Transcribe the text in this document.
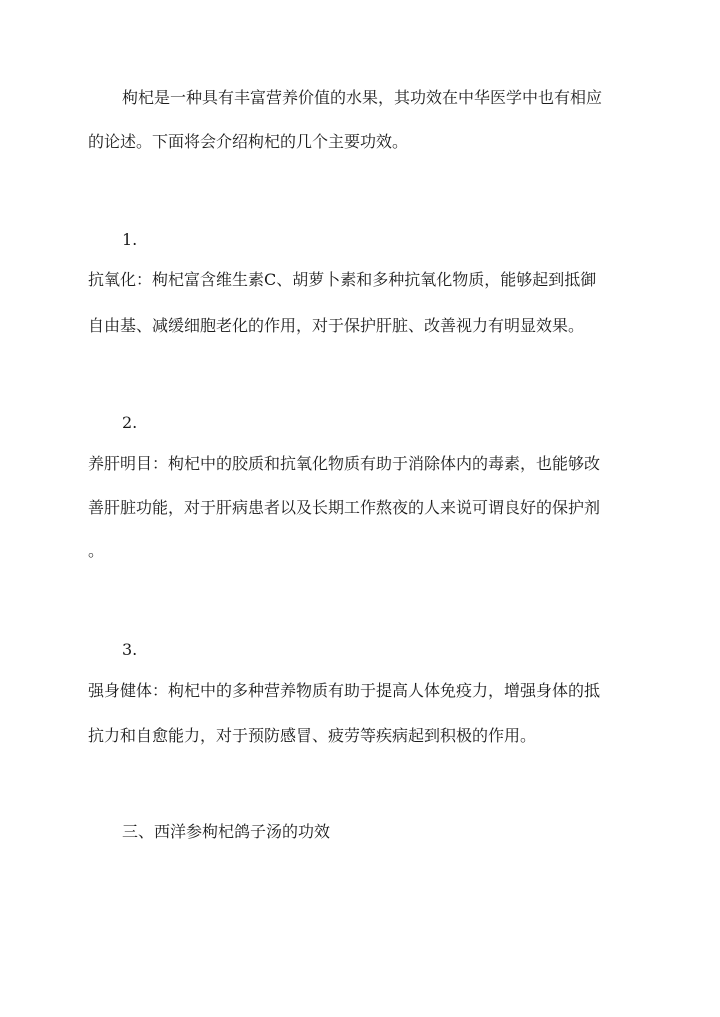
枸杞是一种具有丰富营养价值的水果，其功效在中华医学中也有相应
的论述。下面将会介绍枸杞的几个主要功效。
1.
抗氧化：枸杞富含维生素C、胡萝卜素和多种抗氧化物质，能够起到抵御
自由基、减缓细胞老化的作用，对于保护肝脏、改善视力有明显效果。
2.
养肝明目：枸杞中的胶质和抗氧化物质有助于消除体内的毒素，也能够改
善肝脏功能，对于肝病患者以及长期工作熬夜的人来说可谓良好的保护剂
。
3.
强身健体：枸杞中的多种营养物质有助于提高人体免疫力，增强身体的抵
抗力和自愈能力，对于预防感冒、疲劳等疾病起到积极的作用。
三、西洋参枸杞鸽子汤的功效
